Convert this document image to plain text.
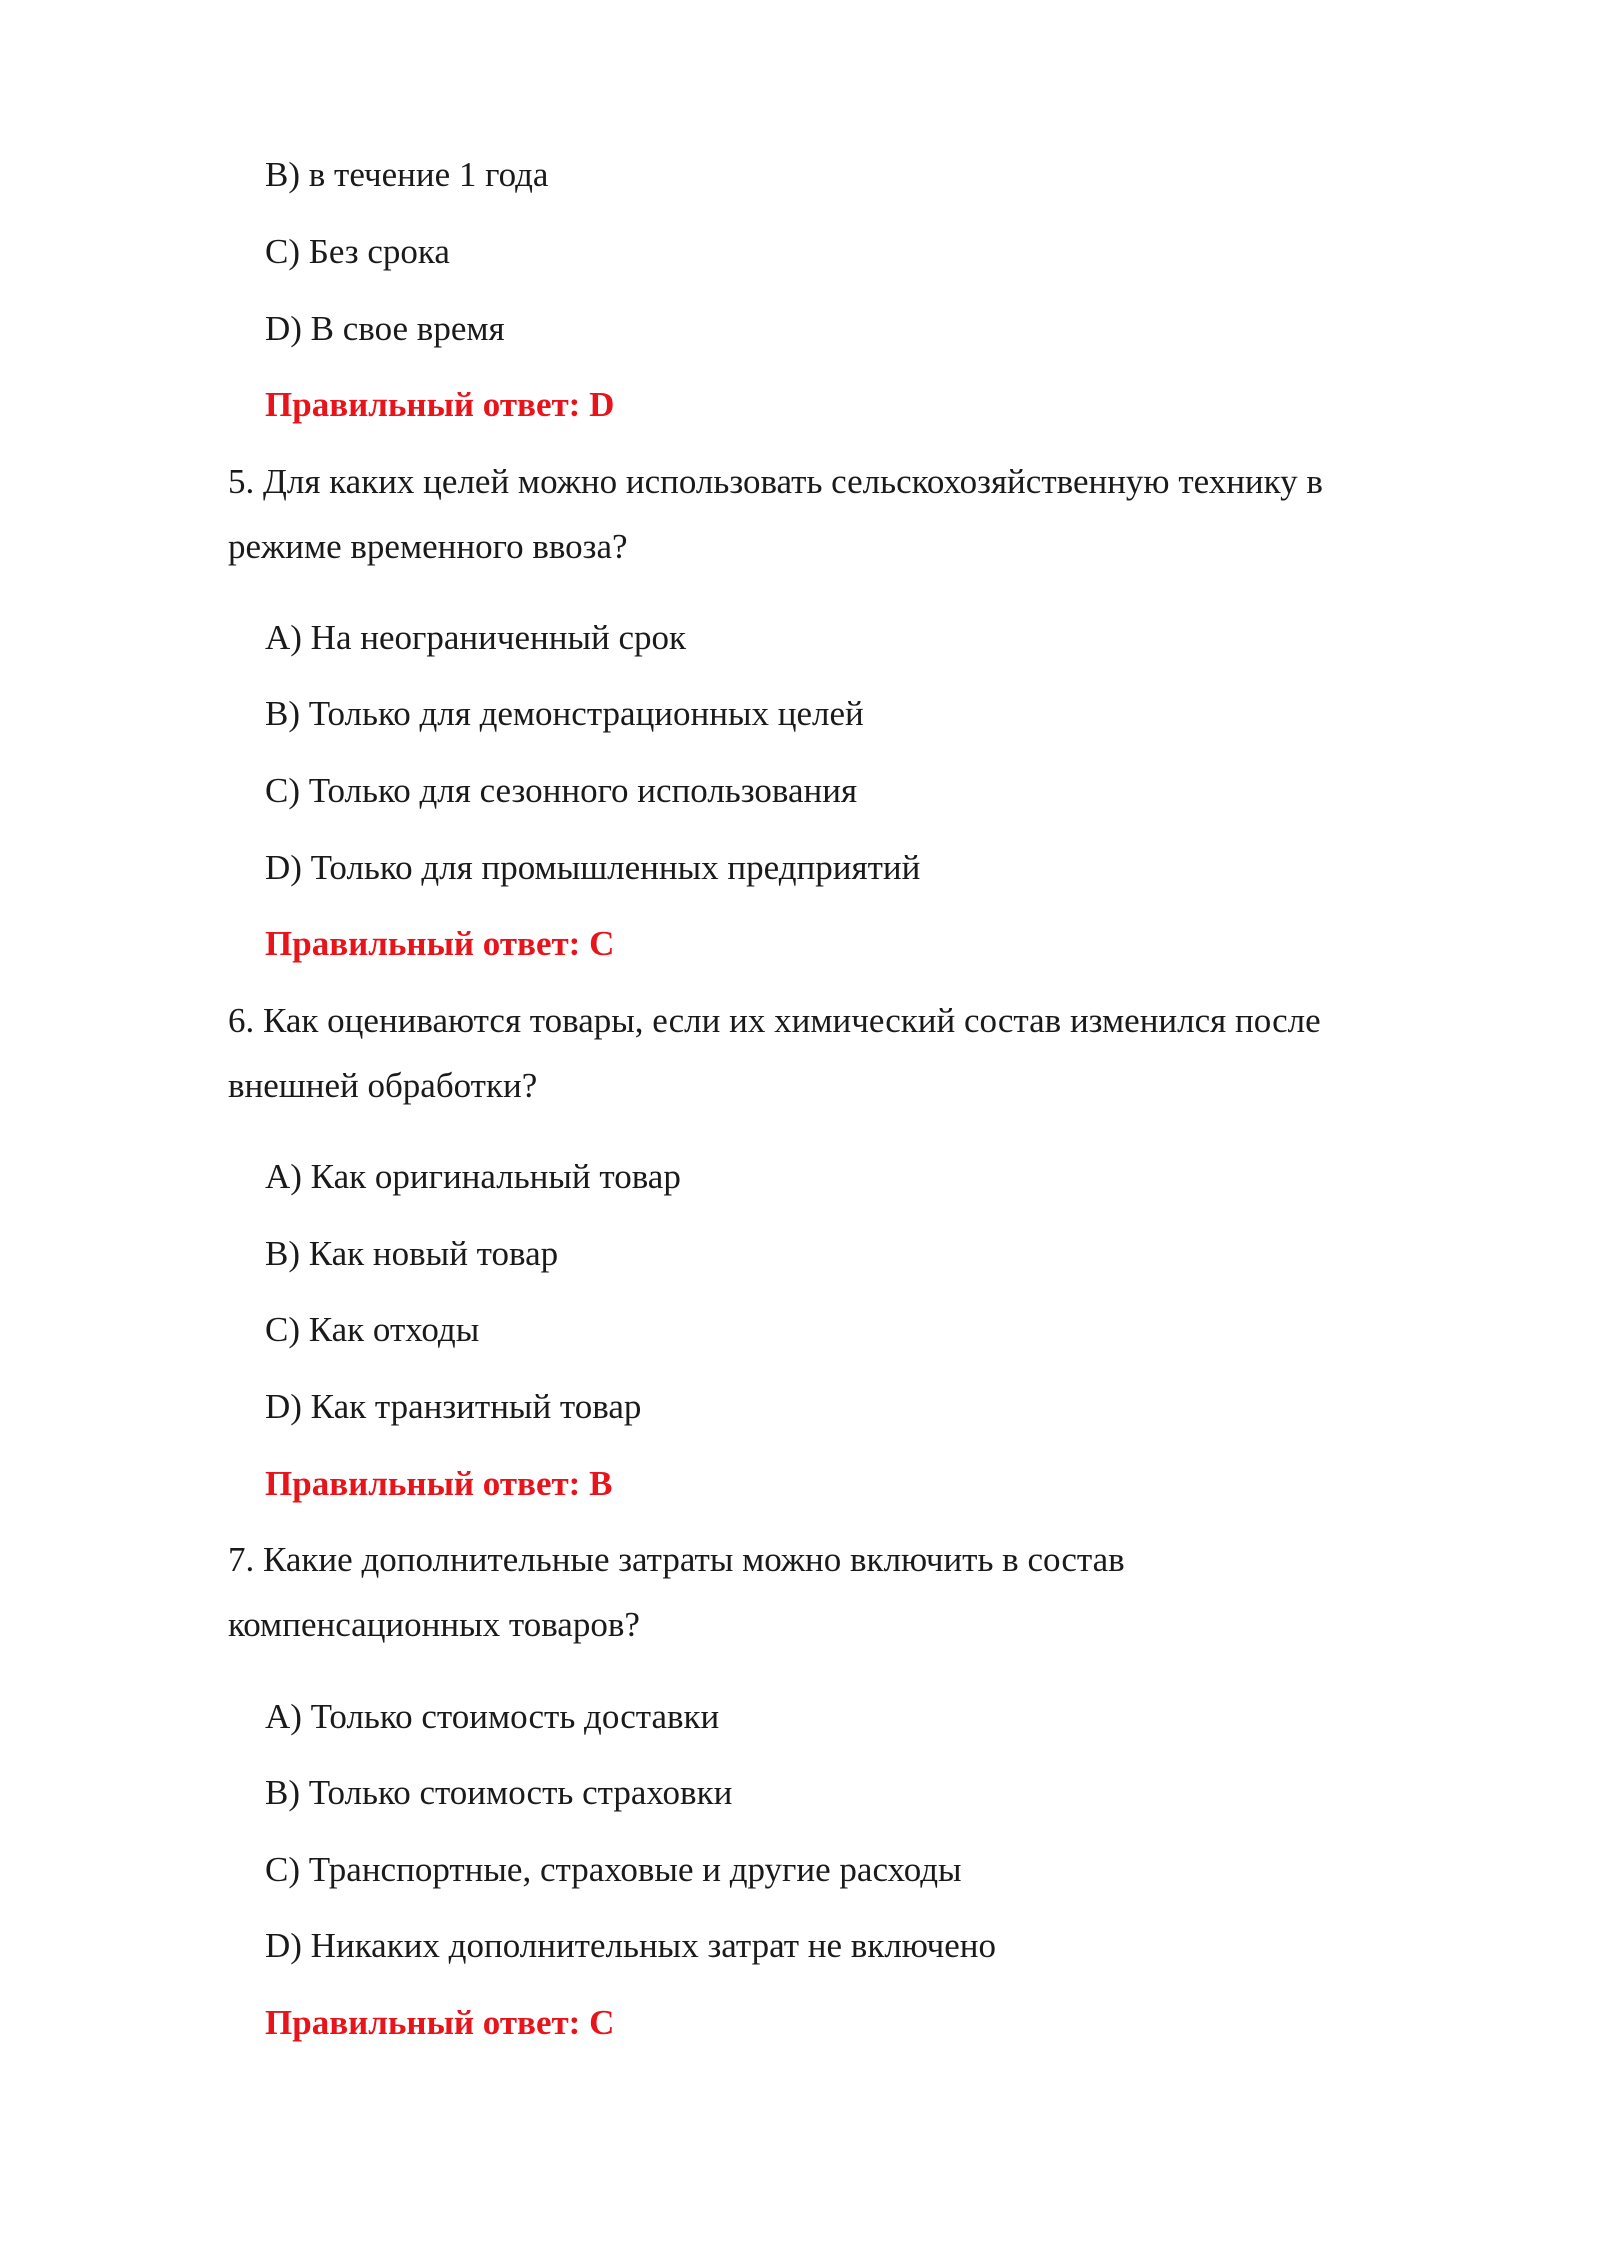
B) в течение 1 года
C) Без срока
D) В свое время
Правильный ответ: D
5. Для каких целей можно использовать сельскохозяйственную технику в
режиме временного ввоза?
A) На неограниченный срок
B) Только для демонстрационных целей
C) Только для сезонного использования
D) Только для промышленных предприятий
Правильный ответ: C
6. Как оцениваются товары, если их химический состав изменился после
внешней обработки?
A) Как оригинальный товар
B) Как новый товар
C) Как отходы
D) Как транзитный товар
Правильный ответ: B
7. Какие дополнительные затраты можно включить в состав
компенсационных товаров?
A) Только стоимость доставки
B) Только стоимость страховки
C) Транспортные, страховые и другие расходы
D) Никаких дополнительных затрат не включено
Правильный ответ: C
